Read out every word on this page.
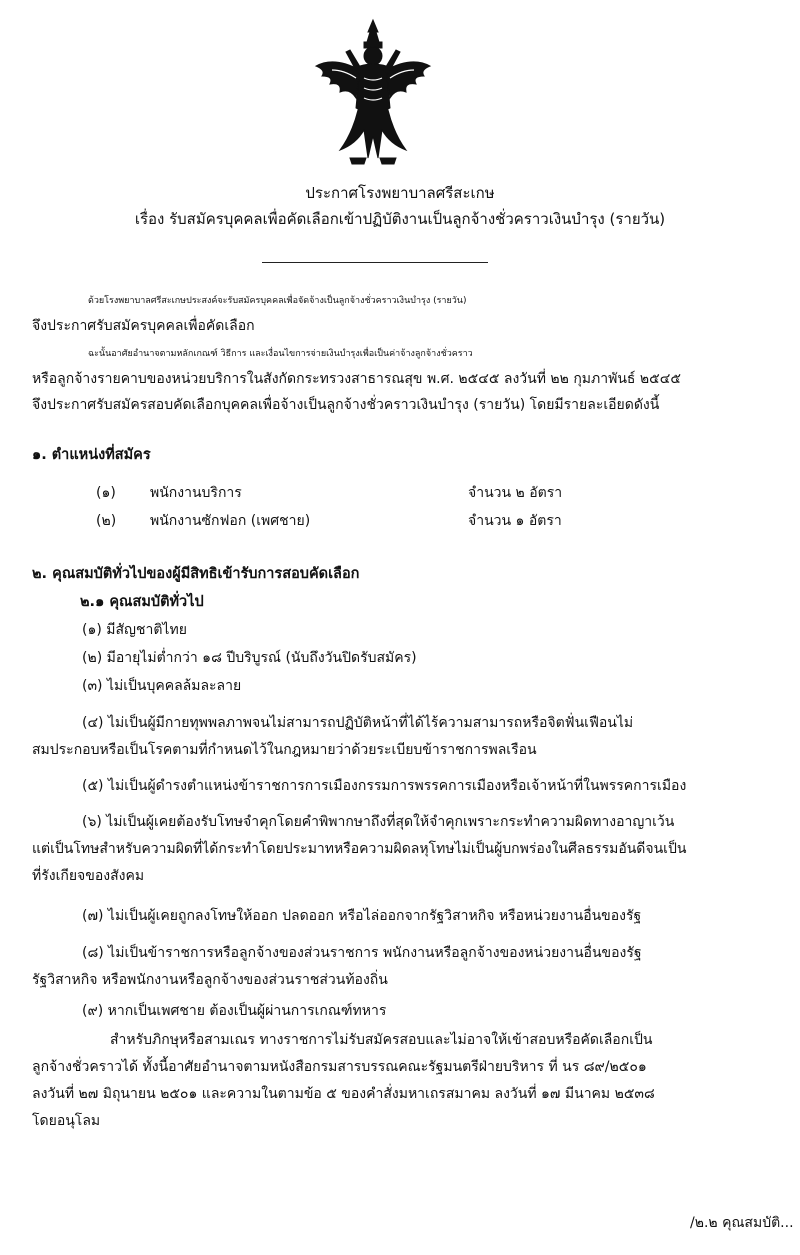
ประกาศโรงพยาบาลศรีสะเกษ
เรื่อง รับสมัครบุคคลเพื่อคัดเลือกเข้าปฏิบัติงานเป็นลูกจ้างชั่วคราวเงินบำรุง (รายวัน)
ด้วยโรงพยาบาลศรีสะเกษประสงค์จะรับสมัครบุคคลเพื่อจัดจ้างเป็นลูกจ้างชั่วคราวเงินบำรุง (รายวัน)
จึงประกาศรับสมัครบุคคลเพื่อคัดเลือก
ฉะนั้นอาศัยอำนาจตามหลักเกณฑ์ วิธีการ และเงื่อนไขการจ่ายเงินบำรุงเพื่อเป็นค่าจ้างลูกจ้างชั่วคราว
หรือลูกจ้างรายคาบของหน่วยบริการในสังกัดกระทรวงสาธารณสุข พ.ศ. ๒๕๔๕ ลงวันที่ ๒๒ กุมภาพันธ์ ๒๕๔๕
จึงประกาศรับสมัครสอบคัดเลือกบุคคลเพื่อจ้างเป็นลูกจ้างชั่วคราวเงินบำรุง (รายวัน) โดยมีรายละเอียดดังนี้
๑. ตำแหน่งที่สมัคร
(๑) พนักงานบริการ	จำนวน ๒ อัตรา
(๒) พนักงานซักฟอก (เพศชาย)	จำนวน ๑ อัตรา
๒. คุณสมบัติทั่วไปของผู้มีสิทธิเข้ารับการสอบคัดเลือก
๒.๑ คุณสมบัติทั่วไป
(๑) มีสัญชาติไทย
(๒) มีอายุไม่ต่ำกว่า ๑๘ ปีบริบูรณ์ (นับถึงวันปิดรับสมัคร)
(๓) ไม่เป็นบุคคลล้มละลาย
(๔) ไม่เป็นผู้มีกายทุพพลภาพจนไม่สามารถปฏิบัติหน้าที่ได้ไร้ความสามารถหรือจิตฟั่นเฟือนไม่
สมประกอบหรือเป็นโรคตามที่กำหนดไว้ในกฎหมายว่าด้วยระเบียบข้าราชการพลเรือน
(๕) ไม่เป็นผู้ดำรงตำแหน่งข้าราชการการเมืองกรรมการพรรคการเมืองหรือเจ้าหน้าที่ในพรรคการเมือง
(๖) ไม่เป็นผู้เคยต้องรับโทษจำคุกโดยคำพิพากษาถึงที่สุดให้จำคุกเพราะกระทำความผิดทางอาญาเว้น
แต่เป็นโทษสำหรับความผิดที่ได้กระทำโดยประมาทหรือความผิดลหุโทษไม่เป็นผู้บกพร่องในศีลธรรมอันดีจนเป็น
ที่รังเกียจของสังคม
(๗) ไม่เป็นผู้เคยถูกลงโทษให้ออก ปลดออก หรือไล่ออกจากรัฐวิสาหกิจ หรือหน่วยงานอื่นของรัฐ
(๘) ไม่เป็นข้าราชการหรือลูกจ้างของส่วนราชการ พนักงานหรือลูกจ้างของหน่วยงานอื่นของรัฐ
รัฐวิสาหกิจ หรือพนักงานหรือลูกจ้างของส่วนราชส่วนท้องถิ่น
(๙) หากเป็นเพศชาย ต้องเป็นผู้ผ่านการเกณฑ์ทหาร
สำหรับภิกษุหรือสามเณร ทางราชการไม่รับสมัครสอบและไม่อาจให้เข้าสอบหรือคัดเลือกเป็น
ลูกจ้างชั่วคราวได้ ทั้งนี้อาศัยอำนาจตามหนังสือกรมสารบรรณคณะรัฐมนตรีฝ่ายบริหาร ที่ นร ๘๙/๒๕๐๑
ลงวันที่ ๒๗ มิถุนายน ๒๕๐๑ และความในตามข้อ ๕ ของคำสั่งมหาเถรสมาคม ลงวันที่ ๑๗ มีนาคม ๒๕๓๘
โดยอนุโลม
/๒.๒ คุณสมบัติ...
